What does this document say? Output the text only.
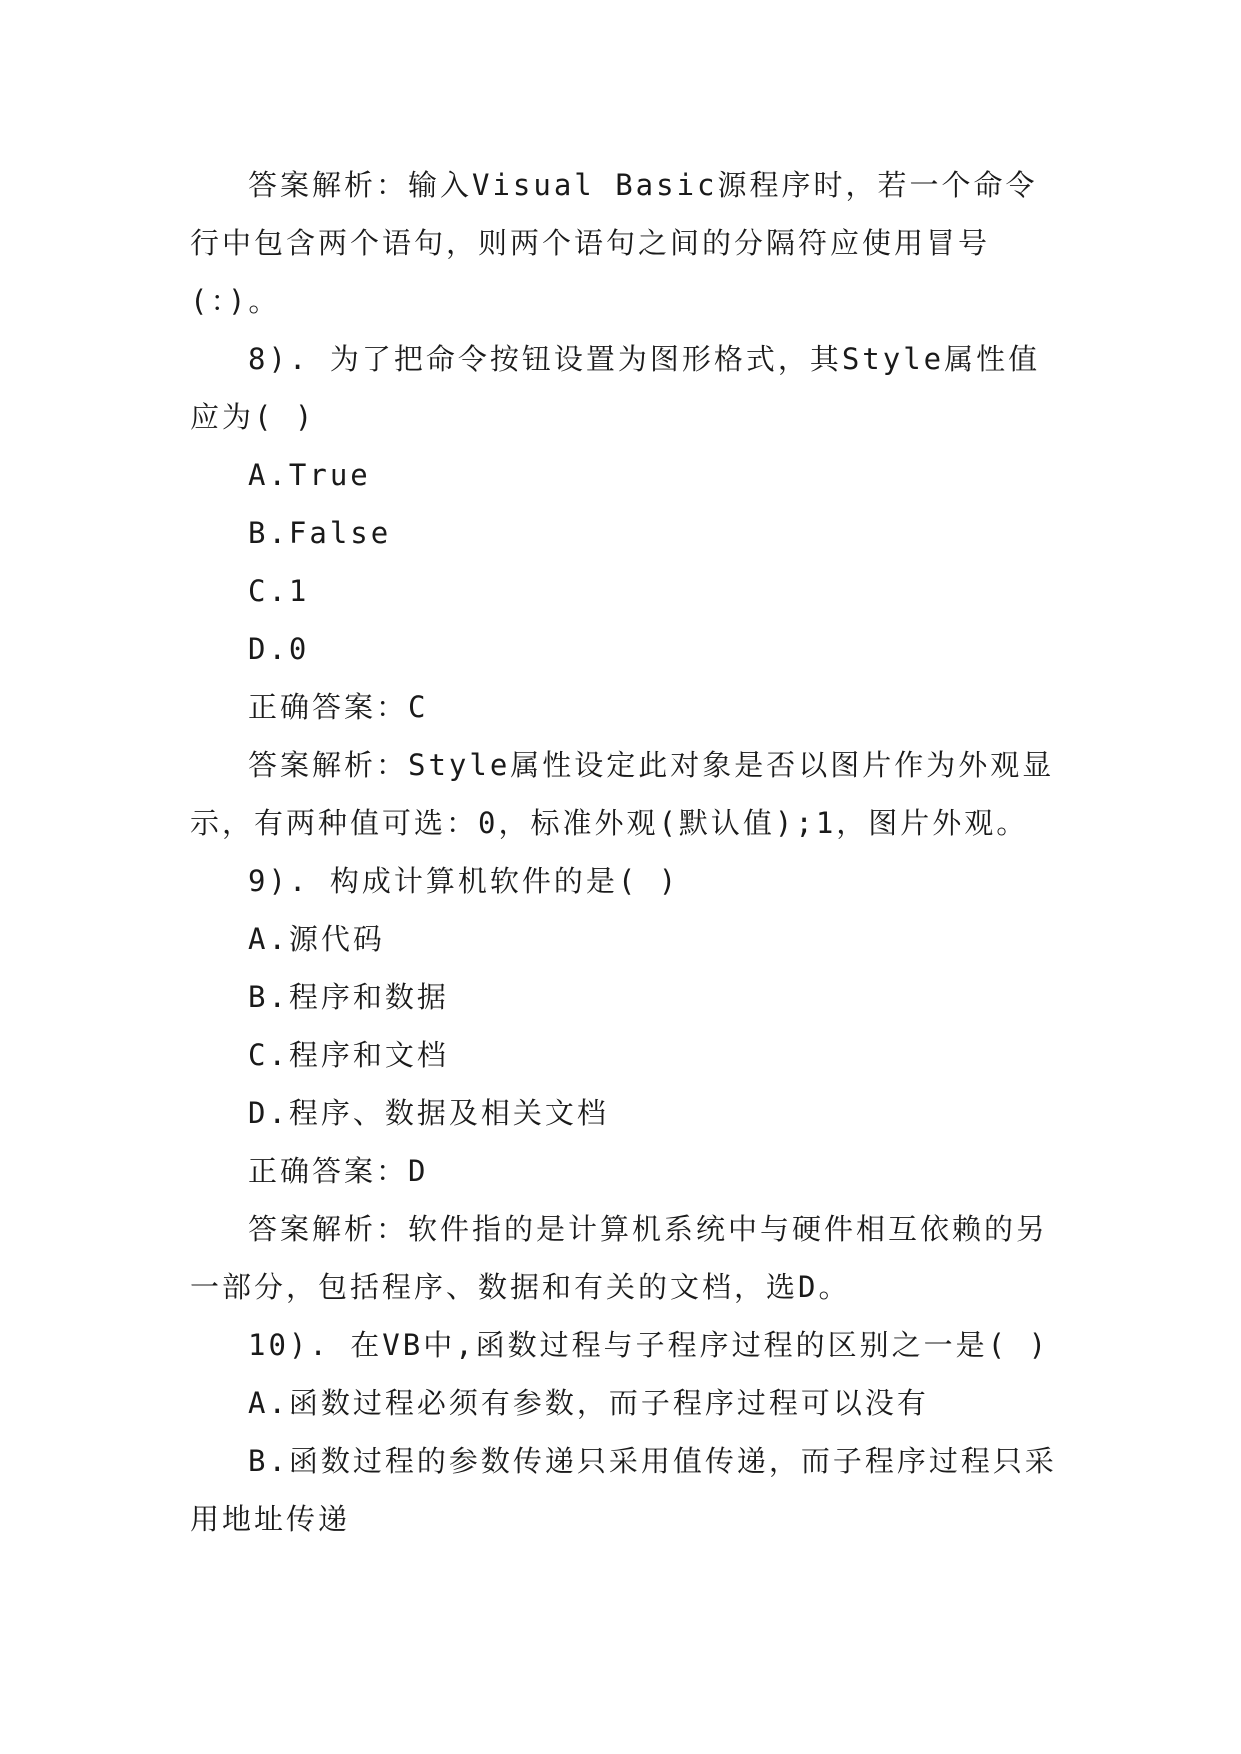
答案解析：输入Visual Basic源程序时，若一个命令行中包含两个语句，则两个语句之间的分隔符应使用冒号(：)。

8). 为了把命令按钮设置为图形格式，其Style属性值应为( )

A.True

B.False

C.1

D.0

正确答案：C

答案解析：Style属性设定此对象是否以图片作为外观显示，有两种值可选：0，标准外观(默认值);1，图片外观。

9). 构成计算机软件的是( )

A.源代码

B.程序和数据

C.程序和文档

D.程序、数据及相关文档

正确答案：D

答案解析：软件指的是计算机系统中与硬件相互依赖的另一部分，包括程序、数据和有关的文档，选D。

10). 在VB中,函数过程与子程序过程的区别之一是( )

A.函数过程必须有参数，而子程序过程可以没有

B.函数过程的参数传递只采用值传递，而子程序过程只采用地址传递
